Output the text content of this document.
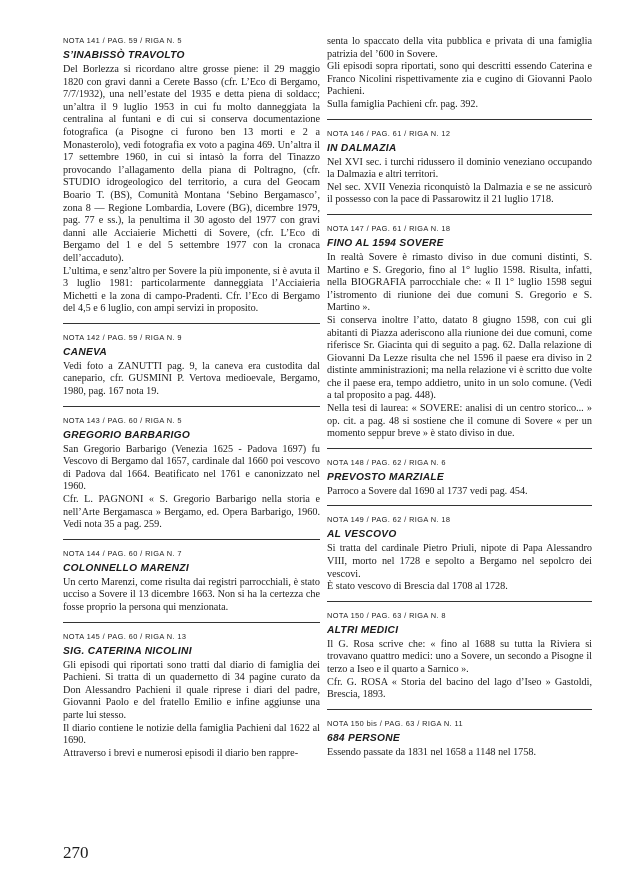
NOTA 141 / PAG. 59 / RIGA N. 5
S’INABISSÒ TRAVOLTO

Del Borlezza si ricordano altre grosse piene: il 29 maggio 1820 con gravi danni a Cerete Basso (cfr. L’Eco di Bergamo, 7/7/1932), una nell’estate del 1935 e detta piena di soldacc; un’altra il 9 luglio 1953 in cui fu molto danneggiata la centralina al funtani e di cui si conserva documentazione fotografica (a Pisogne ci furono ben 13 morti e 2 a Monasterolo), vedi fotografia ex voto a pagina 469. Un’altra il 17 settembre 1960, in cui si intasò la forra del Tinazzo provocando l’allagamento della piana di Poltragno, (cfr. STUDIO idrogeologico del territorio, a cura del Geocam Boario T. (BS), Comunità Montana ‘Sebino Bergamasco’, zona 8 — Regione Lombardia, Lovere (BG), dicembre 1979, pag. 77 e ss.), la penultima il 30 agosto del 1977 con gravi danni alle Acciaierie Michetti di Sovere, (cfr. L’Eco di Bergamo del 1 e del 5 settembre 1977 con la cronaca dell’accaduto).

L’ultima, e senz’altro per Sovere la più imponente, si è avuta il 3 luglio 1981: particolarmente danneggiata l’Acciaieria Michetti e la zona di campo-Pradenti. Cfr. l’Eco di Bergamo del 4,5 e 6 luglio, con ampi servizi in proposito.

NOTA 142 / PAG. 59 / RIGA N. 9
CANEVA

Vedi foto a ZANUTTI pag. 9, la caneva era custodita dal canepario, cfr. GUSMINI P. Vertova medioevale, Bergamo, 1980, pag. 167 nota 19.

NOTA 143 / PAG. 60 / RIGA N. 5
GREGORIO BARBARIGO

San Gregorio Barbarigo (Venezia 1625 - Padova 1697) fu Vescovo di Bergamo dal 1657, cardinale dal 1660 poi vescovo di Padova dal 1664. Beatificato nel 1761 e canonizzato nel 1960.

Cfr. L. PAGNONI « S. Gregorio Barbarigo nella storia e nell’Arte Bergamasca » Bergamo, ed. Opera Barbarigo, 1960. Vedi nota 35 a pag. 259.

NOTA 144 / PAG. 60 / RIGA N. 7
COLONNELLO MARENZI

Un certo Marenzi, come risulta dai registri parrocchiali, è stato ucciso a Sovere il 13 dicembre 1663. Non si ha la certezza che fosse proprio la persona qui menzionata.

NOTA 145 / PAG. 60 / RIGA N. 13
SIG. CATERINA NICOLINI

Gli episodi qui riportati sono tratti dal diario di famiglia dei Pachieni. Si tratta di un quadernetto di 34 pagine curato da Don Alessandro Pachieni il quale riprese i diari del padre, Giovanni Paolo e del fratello Emilio e infine aggiunse una parte lui stesso.

Il diario contiene le notizie della famiglia Pachieni dal 1622 al 1690.

Attraverso i brevi e numerosi episodi il diario ben rappre-

senta lo spaccato della vita pubblica e privata di una famiglia patrizia del ’600 in Sovere.

Gli episodi sopra riportati, sono qui descritti essendo Caterina e Franco Nicolini rispettivamente zia e cugino di Giovanni Paolo Pachieni.

Sulla famiglia Pachieni cfr. pag. 392.

NOTA 146 / PAG. 61 / RIGA N. 12
IN DALMAZIA

Nel XVI sec. i turchi ridussero il dominio veneziano occupando la Dalmazia e altri territori.

Nel sec. XVII Venezia riconquistò la Dalmazia e se ne assicurò il possesso con la pace di Passarowitz il 21 luglio 1718.

NOTA 147 / PAG. 61 / RIGA N. 18
FINO AL 1594 SOVERE

In realtà Sovere è rimasto diviso in due comuni distinti, S. Martino e S. Gregorio, fino al 1° luglio 1598. Risulta, infatti, nella BIOGRAFIA parrocchiale che: « Il 1° luglio 1598 segui l’istromento di riunione dei due comuni S. Gregorio e S. Martino ».

Si conserva inoltre l’atto, datato 8 giugno 1598, con cui gli abitanti di Piazza aderiscono alla riunione dei due comuni, come riferisce Sr. Giacinta qui di seguito a pag. 62. Dalla relazione di Giovanni Da Lezze risulta che nel 1596 il paese era diviso in 2 distinte amministrazioni; ma nella relazione vi è scritto due volte che il paese era, tempo addietro, unito in un solo comune. (Vedi a tal proposito a pag. 448).

Nella tesi di laurea: « SOVERE: analisi di un centro storico... » op. cit. a pag. 48 si sostiene che il comune di Sovere « per un momento seppur breve » è stato diviso in due.

NOTA 148 / PAG. 62 / RIGA N. 6
PREVOSTO MARZIALE

Parroco a Sovere dal 1690 al 1737 vedi pag. 454.

NOTA 149 / PAG. 62 / RIGA N. 18
AL VESCOVO

Si tratta del cardinale Pietro Priuli, nipote di Papa Alessandro VIII, morto nel 1728 e sepolto a Bergamo nel sepolcro dei vescovi.

È stato vescovo di Brescia dal 1708 al 1728.

NOTA 150 / PAG. 63 / RIGA N. 8
ALTRI MEDICI

Il G. Rosa scrive che: « fino al 1688 su tutta la Riviera si trovavano quattro medici: uno a Sovere, un secondo a Pisogne il terzo a Iseo e il quarto a Sarnico ».

Cfr. G. ROSA « Storia del bacino del lago d’Iseo » Gastoldi, Brescia, 1893.

NOTA 150 bis / PAG. 63 / RIGA N. 11
684 PERSONE

Essendo passate da 1831 nel 1658 a 1148 nel 1758.

270
